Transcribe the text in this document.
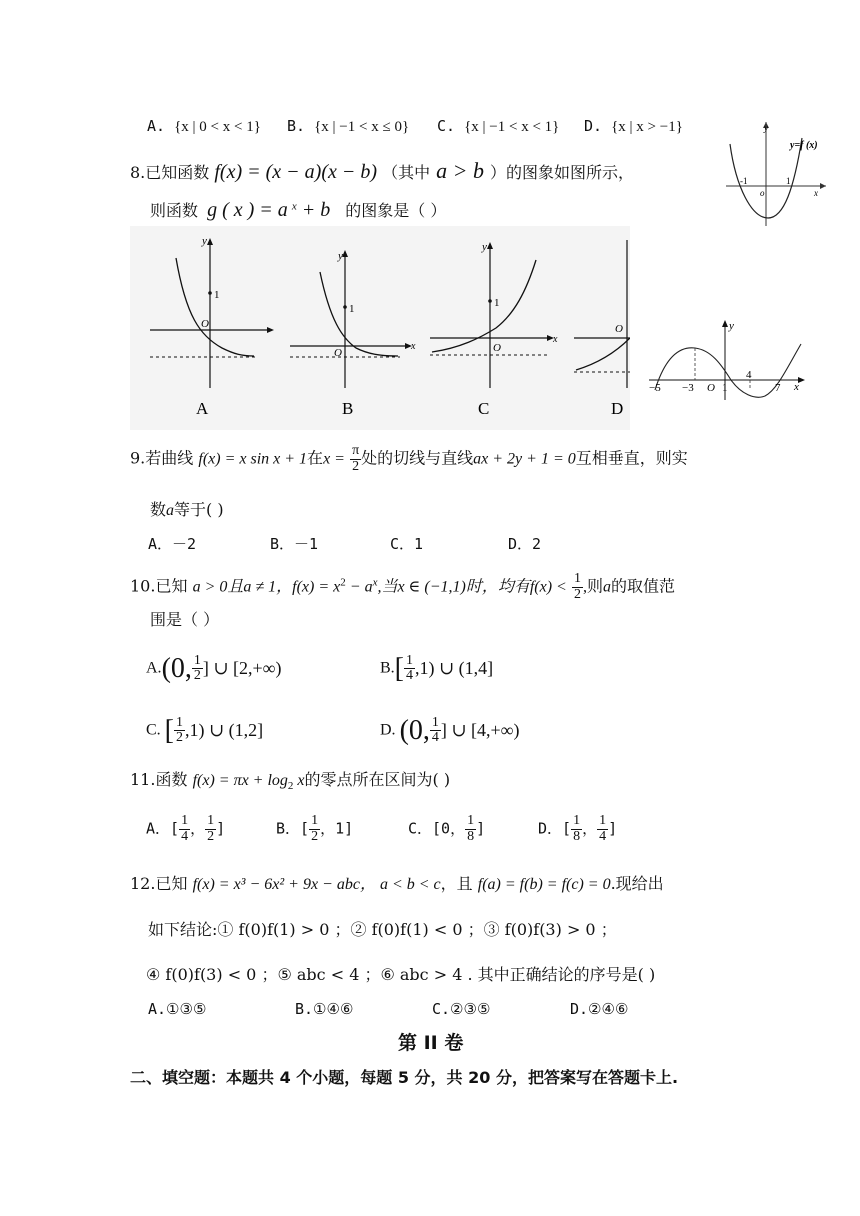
A. {x | 0 < x < 1} B. {x | −1 < x ≤ 0} C. {x | −1 < x < 1} D. {x | x > −1}	y
x
y=f (x)
-1	1
o
8.已知函数 f(x) = (x − a)(x − b) （其中 a > b ）的图象如图所示，
则函数 g ( x ) = a $^x$ + b 的图象是（ ）
1
O
y
A
1
O
y
x
B
1
O
y
x
C
O
D
y
x
−5 −3 O 1
4
7
9.若曲线 f(x) = x sin x + 1在$x = \frac{\pi}{2}$ 处的切线与直线ax + 2y + 1 = 0互相垂直，则实
数a等于( )
A．－2	B．－1	C．1	D．2
10.已知 a > 0且a ≠ 1，$f(x) = x^2 - a^x$,当x ∈ (−1,1)时，均有$f(x) < \frac{1}{2}$ ,则a的取值范
围是（ ）
A.(0, $\frac{1}{2}$ ] ∪ [2,+∞)	$B.[ \frac{1}{4} ,1)$ ∪ (1,4]
C. [ $\frac{1}{2} ,1$) ∪ (1,2]	D. (0, $\frac{1}{4}$ ] ∪ [4,+∞)
11.函数 $f(x) = \pi x + \log_2 x$的零点所在区间为( )
A．[ $\frac{1}{4}$ ， $\frac{1}{2}$ ]	B．[ $\frac{1}{2}$ ，1]	C．[0， $\frac{1}{8}$ ]	D．[ $\frac{1}{8}$ ， $\frac{1}{4}$ ]
12.已知 f(x) = x³ − 6x² + 9x − abc， a < b < c，且 f(a) = f(b) = f(c) = 0.现给出
如下结论:① f(0)f(1) > 0 ；② f(0)f(1) < 0 ；③ f(0)f(3) > 0 ；
④ f(0)f(3) < 0 ；⑤ abc < 4 ；⑥ abc > 4 . 其中正确结论的序号是( )
A.①③⑤	B.①④⑥	C.②③⑤	D.②④⑥
第 II 卷
二、填空题：本题共 4 个小题，每题 5 分，共 20 分，把答案写在答题卡上.
